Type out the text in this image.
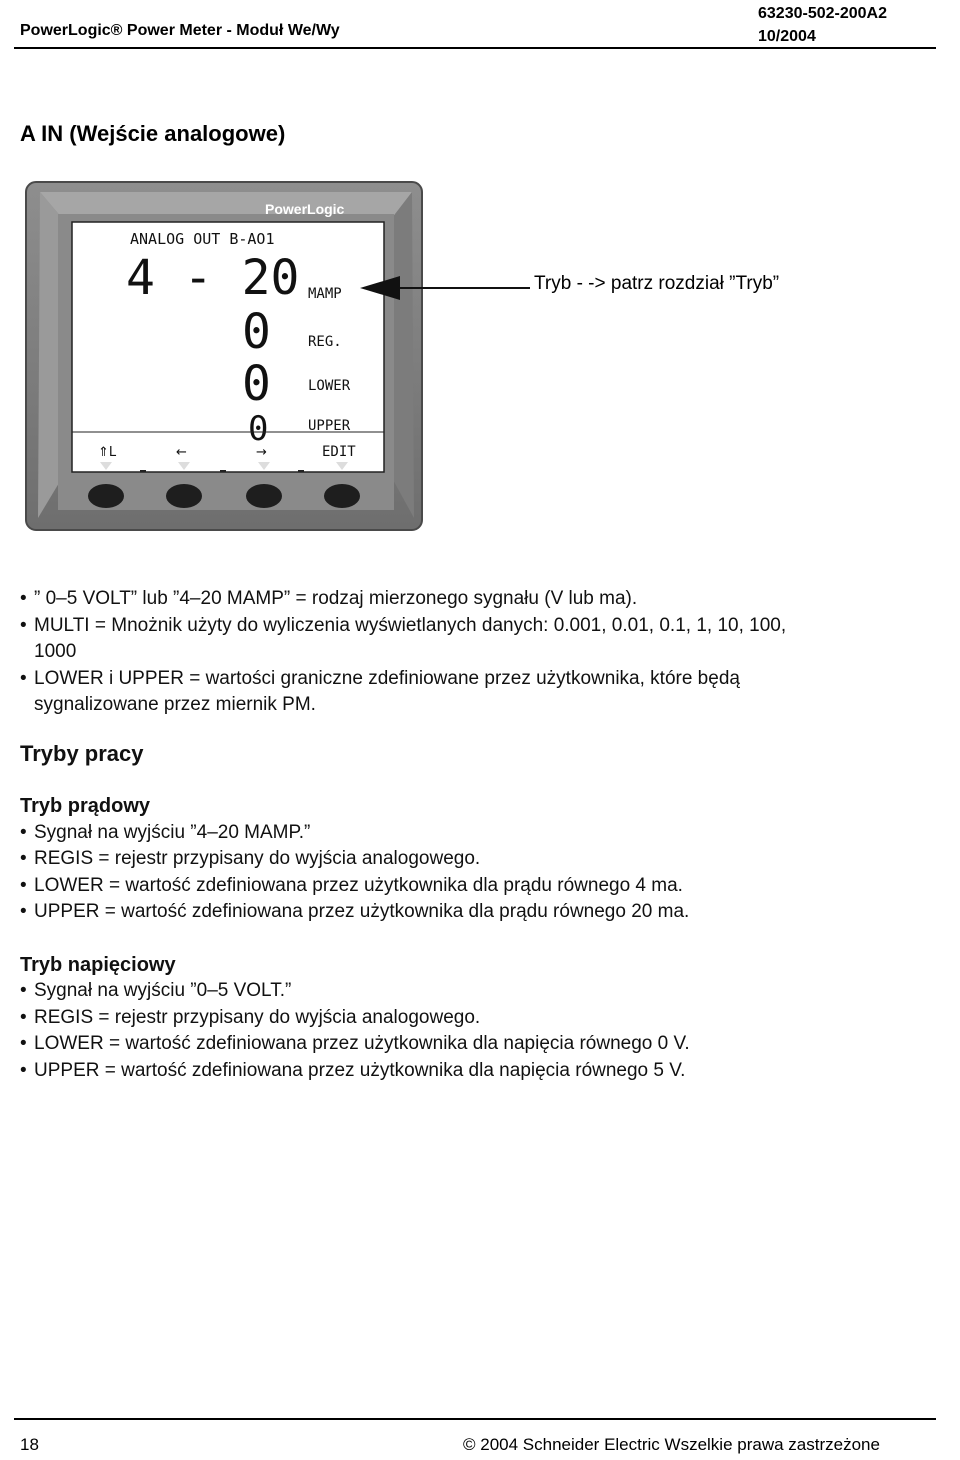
PowerLogic® Power Meter - Moduł We/Wy
63230-502-200A2
10/2004
A IN (Wejście analogowe)
PowerLogic
ANALOG OUT B-AO1
4 - 20
0
0
0
MAMP
REG.
LOWER
UPPER
⇑L	←	→	EDIT
Tryb - -> patrz rozdział ”Tryb”
• ” 0‒5 VOLT” lub ”4‒20 MAMP” = rodzaj mierzonego sygnału (V lub ma).
• MULTI = Mnożnik użyty do wyliczenia wyświetlanych danych: 0.001, 0.01, 0.1, 1, 10, 100,
1000
• LOWER i UPPER = wartości graniczne zdefiniowane przez użytkownika, które będą
sygnalizowane przez miernik PM.
Tryby pracy
Tryb prądowy
• Sygnał na wyjściu ”4‒20 MAMP.”
• REGIS = rejestr przypisany do wyjścia analogowego.
• LOWER = wartość zdefiniowana przez użytkownika dla prądu równego 4 ma.
• UPPER = wartość zdefiniowana przez użytkownika dla prądu równego 20 ma.
Tryb napięciowy
• Sygnał na wyjściu ”0‒5 VOLT.”
• REGIS = rejestr przypisany do wyjścia analogowego.
• LOWER = wartość zdefiniowana przez użytkownika dla napięcia równego 0 V.
• UPPER = wartość zdefiniowana przez użytkownika dla napięcia równego 5 V.
18	© 2004 Schneider Electric Wszelkie prawa zastrzeżone
